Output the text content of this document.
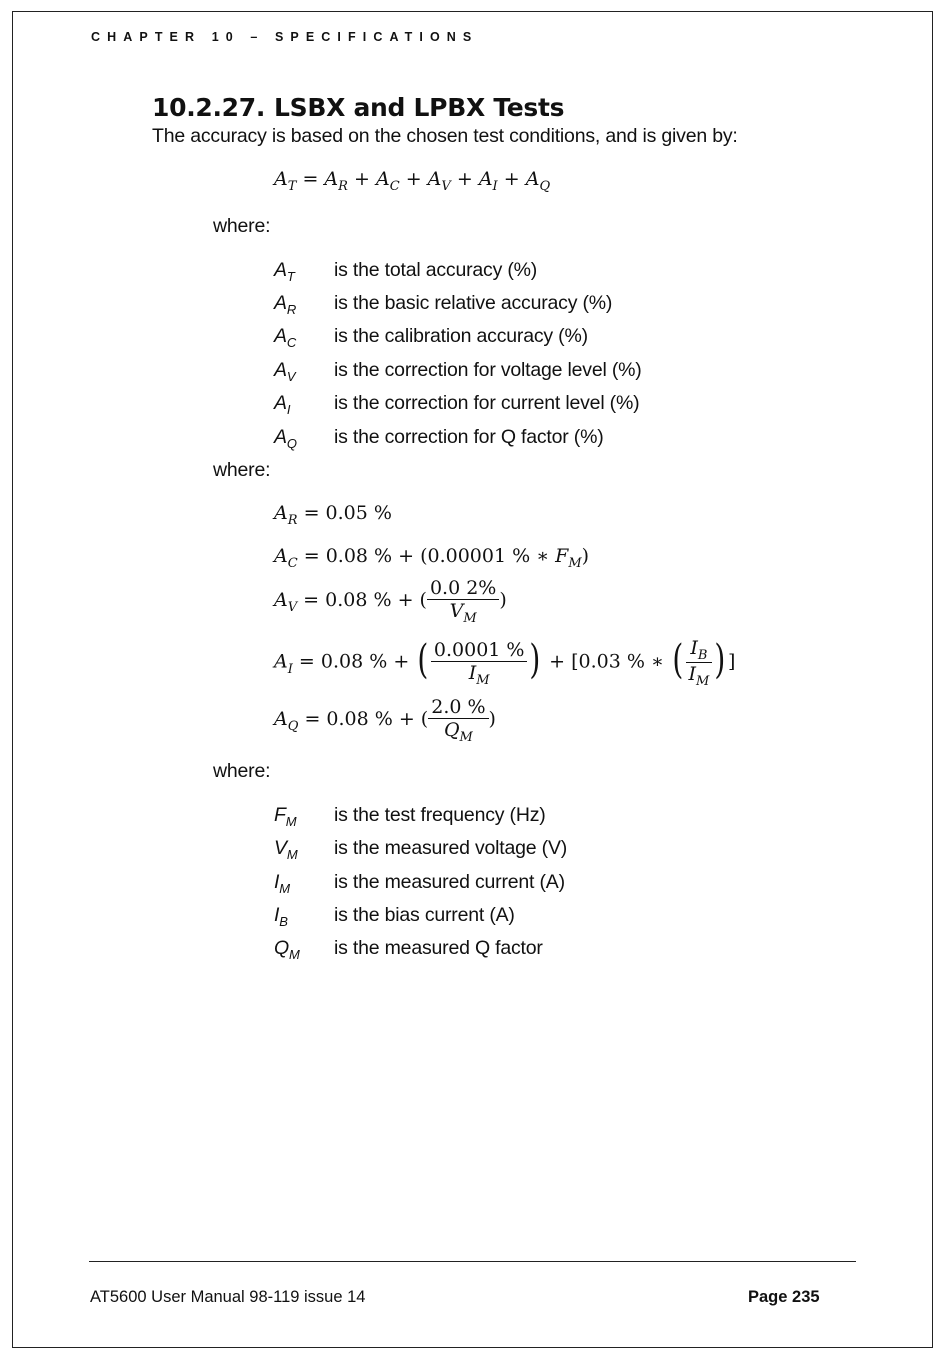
CHAPTER 10 – SPECIFICATIONS
10.2.27. LSBX and LPBX Tests
The accuracy is based on the chosen test conditions, and is given by:
$A_T = A_R + A_C + A_V + A_I + A_Q$
where:
$A_T$ is the total accuracy (%)
$A_R$ is the basic relative accuracy (%)
$A_C$ is the calibration accuracy (%)
$A_V$ is the correction for voltage level (%)
$A_I$ is the correction for current level (%)
$A_Q$ is the correction for Q factor (%)
where:
$A_R = 0.05$ %
$A_C = 0.08$ % + (0.00001 % ∗ $F_M$)
$A_V = 0.08$ % + ( $\frac{0.0 2\%}{V_M}$ )
$A_I = 0.08$ % + ( $\frac{0.0001 \%}{I_M}$ ) + [0.03 % ∗ ( $\frac{I_B}{I_M}$ ) ]
$A_Q = 0.08$ % + ( $\frac{2.0 \%}{Q_M}$ )
where:
$F_M$ is the test frequency (Hz)
$V_M$ is the measured voltage (V)
$I_M$ is the measured current (A)
$I_B$ is the bias current (A)
$Q_M$ is the measured Q factor
AT5600 User Manual 98-119 issue 14	Page 235
